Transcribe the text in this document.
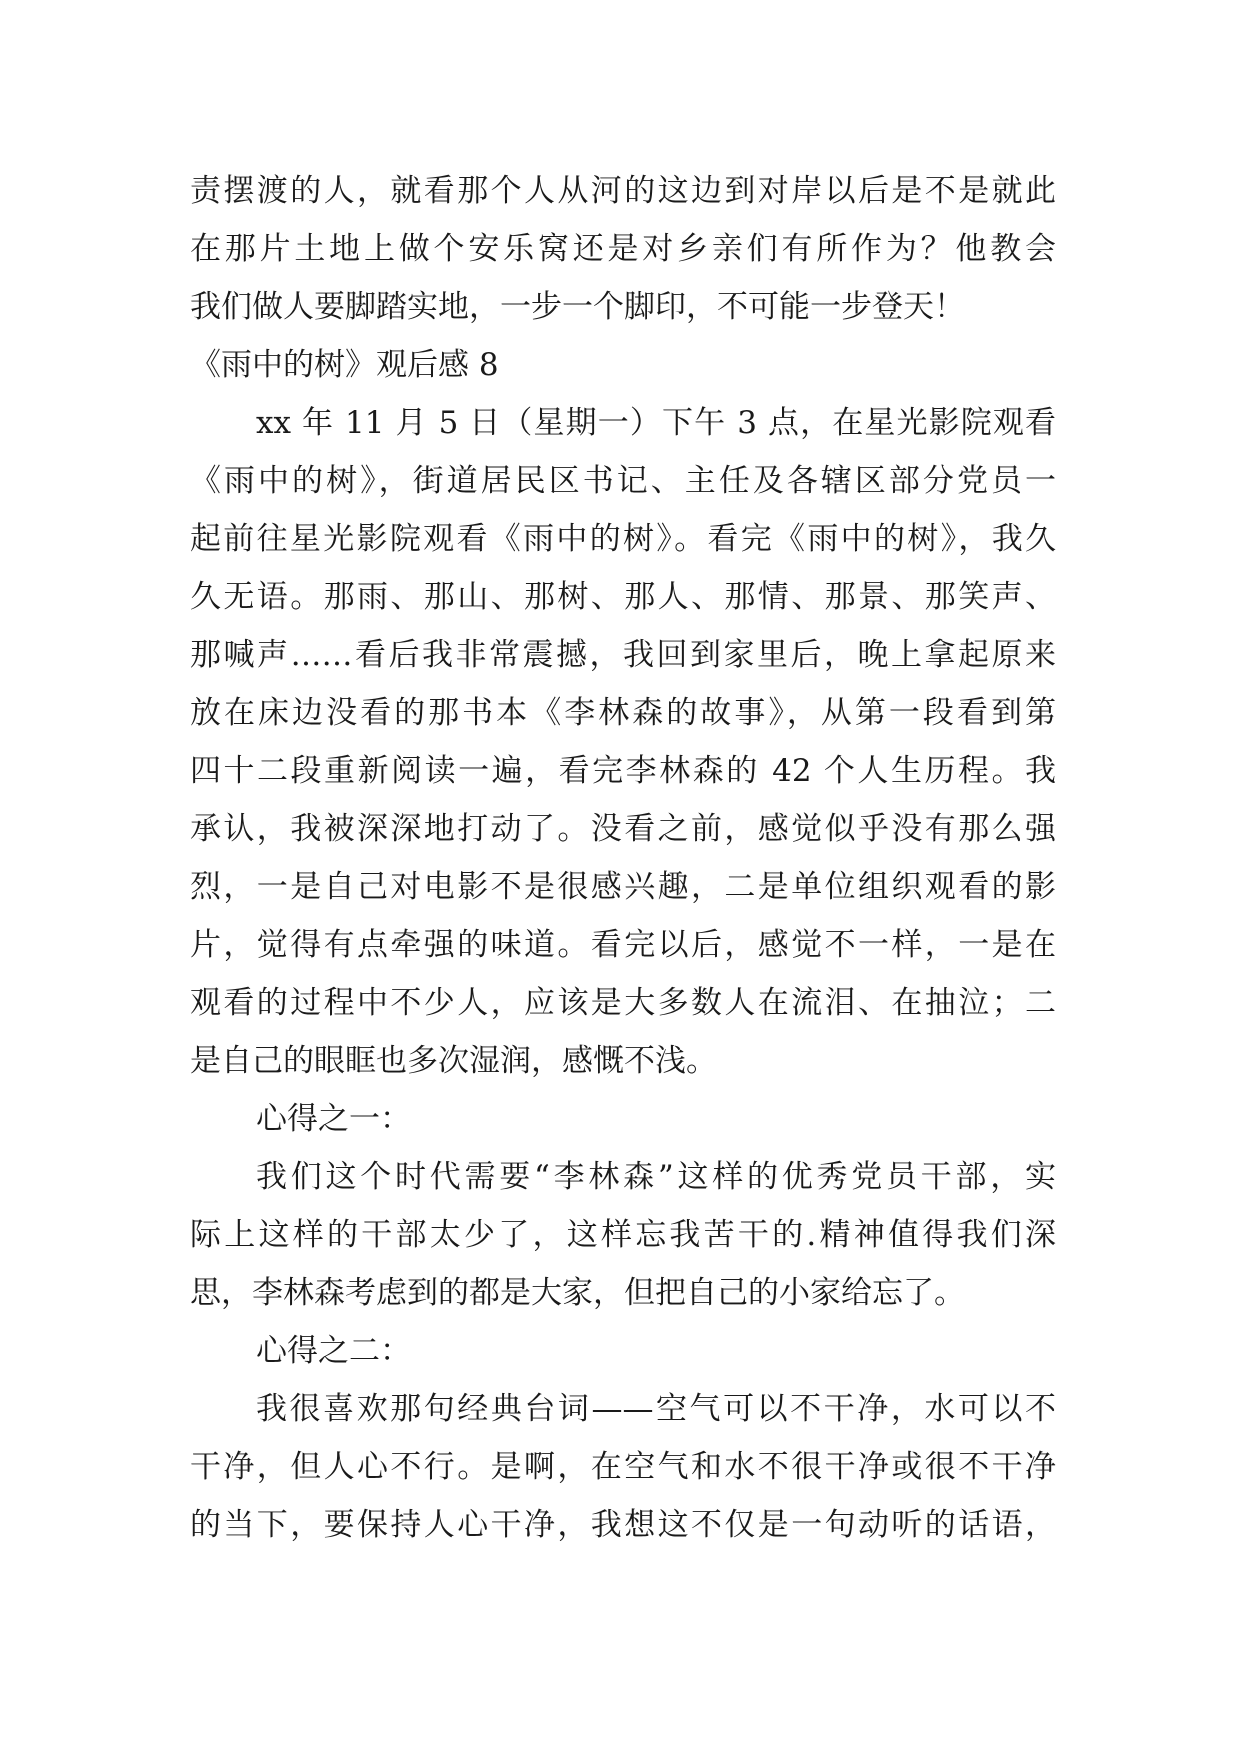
责摆渡的人，就看那个人从河的这边到对岸以后是不是就此
在那片土地上做个安乐窝还是对乡亲们有所作为？他教会
我们做人要脚踏实地，一步一个脚印，不可能一步登天！
《雨中的树》观后感 8
xx 年 11 月 5 日（星期一）下午 3 点，在星光影院观看
《雨中的树》，街道居民区书记、主任及各辖区部分党员一
起前往星光影院观看《雨中的树》。看完《雨中的树》，我久
久无语。那雨、那山、那树、那人、那情、那景、那笑声、
那喊声……看后我非常震撼，我回到家里后，晚上拿起原来
放在床边没看的那书本《李林森的故事》，从第一段看到第
四十二段重新阅读一遍，看完李林森的 42 个人生历程。我
承认，我被深深地打动了。没看之前，感觉似乎没有那么强
烈，一是自己对电影不是很感兴趣，二是单位组织观看的影
片，觉得有点牵强的味道。看完以后，感觉不一样，一是在
观看的过程中不少人，应该是大多数人在流泪、在抽泣；二
是自己的眼眶也多次湿润，感慨不浅。
心得之一：
我们这个时代需要“李林森”这样的优秀党员干部，实
际上这样的干部太少了，这样忘我苦干的.精神值得我们深
思，李林森考虑到的都是大家，但把自己的小家给忘了。
心得之二：
我很喜欢那句经典台词——空气可以不干净，水可以不
干净，但人心不行。是啊，在空气和水不很干净或很不干净
的当下，要保持人心干净，我想这不仅是一句动听的话语，
